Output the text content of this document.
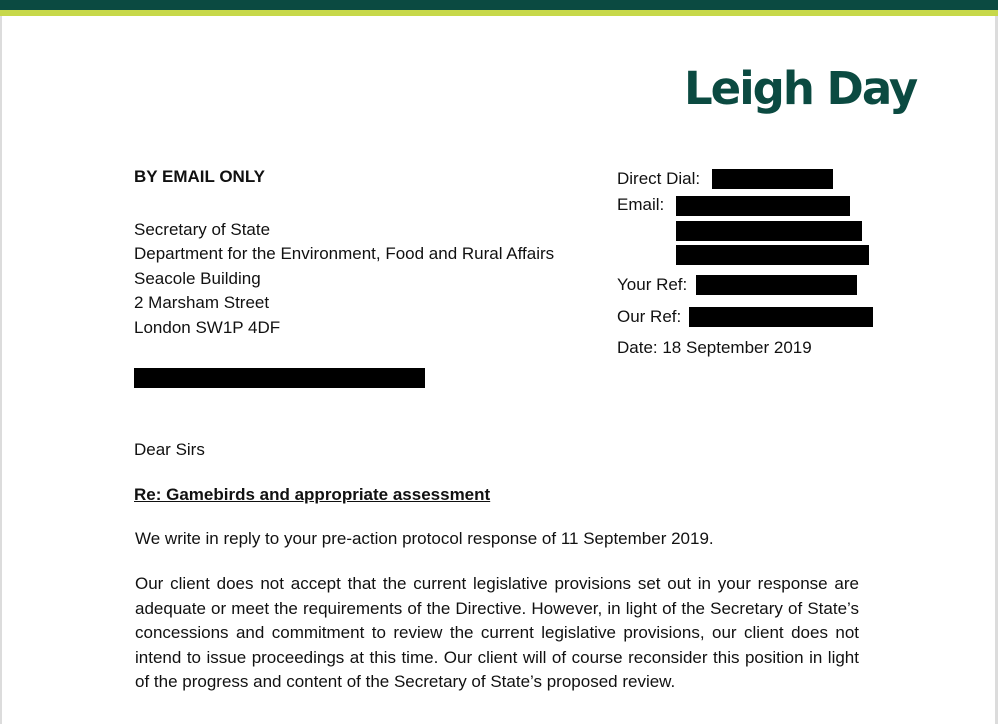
Leigh Day
BY EMAIL ONLY
Secretary of State
Department for the Environment, Food and Rural Affairs
Seacole Building
2 Marsham Street
London SW1P 4DF
Direct Dial:
Email:
Your Ref:
Our Ref:
Date: 18 September 2019
Dear Sirs
Re: Gamebirds and appropriate assessment
We write in reply to your pre-action protocol response of 11 September 2019.
Our client does not accept that the current legislative provisions set out in your response are adequate or meet the requirements of the Directive. However, in light of the Secretary of State’s concessions and commitment to review the current legislative provisions, our client does not intend to issue proceedings at this time. Our client will of course reconsider this position in light of the progress and content of the Secretary of State’s proposed review.
